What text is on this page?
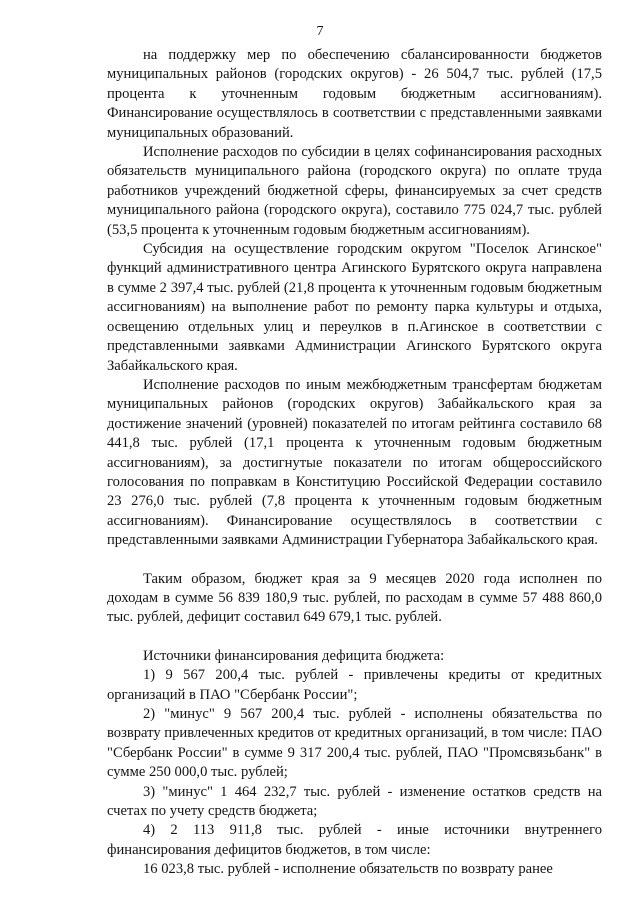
7

на поддержку мер по обеспечению сбалансированности бюджетов муниципальных районов (городских округов) - 26 504,7 тыс. рублей (17,5 процента к уточненным годовым бюджетным ассигнованиям). Финансирование осуществлялось в соответствии с представленными заявками муниципальных образований.

Исполнение расходов по субсидии в целях софинансирования расходных обязательств муниципального района (городского округа) по оплате труда работников учреждений бюджетной сферы, финансируемых за счет средств муниципального района (городского округа), составило 775 024,7 тыс. рублей (53,5 процента к уточненным годовым бюджетным ассигнованиям).

Субсидия на осуществление городским округом "Поселок Агинское" функций административного центра Агинского Бурятского округа направлена в сумме 2 397,4 тыс. рублей (21,8 процента к уточненным годовым бюджетным ассигнованиям) на выполнение работ по ремонту парка культуры и отдыха, освещению отдельных улиц и переулков в п.Агинское в соответствии с представленными заявками Администрации Агинского Бурятского округа Забайкальского края.

Исполнение расходов по иным межбюджетным трансфертам бюджетам муниципальных районов (городских округов) Забайкальского края за достижение значений (уровней) показателей по итогам рейтинга составило 68 441,8 тыс. рублей (17,1 процента к уточненным годовым бюджетным ассигнованиям), за достигнутые показатели по итогам общероссийского голосования по поправкам в Конституцию Российской Федерации составило 23 276,0 тыс. рублей (7,8 процента к уточненным годовым бюджетным ассигнованиям). Финансирование осуществлялось в соответствии с представленными заявками Администрации Губернатора Забайкальского края.

Таким образом, бюджет края за 9 месяцев 2020 года исполнен по доходам в сумме 56 839 180,9 тыс. рублей, по расходам в сумме 57 488 860,0 тыс. рублей, дефицит составил 649 679,1 тыс. рублей.

Источники финансирования дефицита бюджета:

1) 9 567 200,4 тыс. рублей - привлечены кредиты от кредитных организаций в ПАО "Сбербанк России";

2) "минус" 9 567 200,4 тыс. рублей - исполнены обязательства по возврату привлеченных кредитов от кредитных организаций, в том числе: ПАО "Сбербанк России" в сумме 9 317 200,4 тыс. рублей, ПАО "Промсвязьбанк" в сумме 250 000,0 тыс. рублей;

3) "минус" 1 464 232,7 тыс. рублей - изменение остатков средств на счетах по учету средств бюджета;

4) 2 113 911,8 тыс. рублей - иные источники внутреннего финансирования дефицитов бюджетов, в том числе:

16 023,8 тыс. рублей - исполнение обязательств по возврату ранее
